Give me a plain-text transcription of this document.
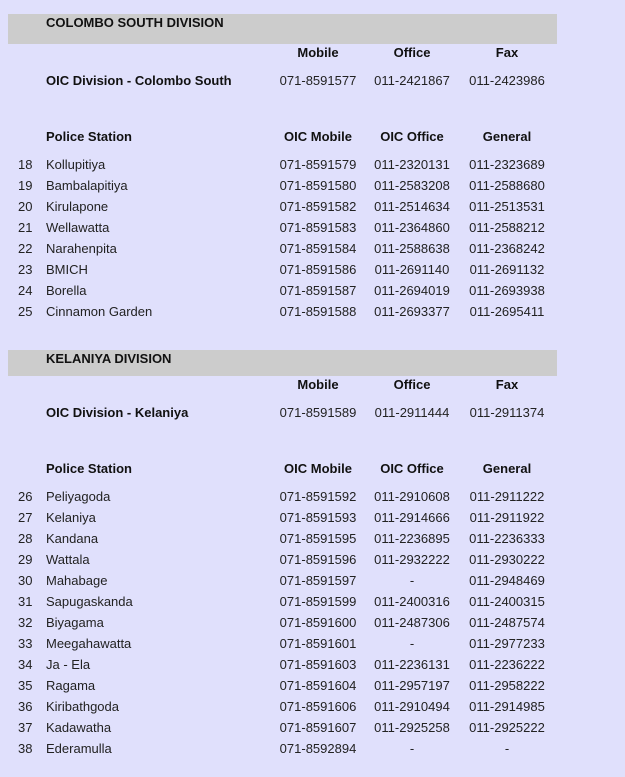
COLOMBO SOUTH DIVISION
Mobile	Office	Fax
OIC Division - Colombo South	071-8591577 011-2421867 011-2423986
Police Station	OIC Mobile	OIC Office	General
18	Kollupitiya	071-8591579 011-2320131 011-2323689
19	Bambalapitiya	071-8591580 011-2583208 011-2588680
20	Kirulapone	071-8591582 011-2514634 011-2513531
21	Wellawatta	071-8591583 011-2364860 011-2588212
22	Narahenpita	071-8591584 011-2588638 011-2368242
23	BMICH	071-8591586 011-2691140 011-2691132
24	Borella	071-8591587 011-2694019 011-2693938
25	Cinnamon Garden	071-8591588 011-2693377 011-2695411
KELANIYA DIVISION
Mobile	Office	Fax
OIC Division - Kelaniya	071-8591589 011-2911444 011-2911374
Police Station	OIC Mobile	OIC Office	General
26	Peliyagoda	071-8591592 011-2910608 011-2911222
27	Kelaniya	071-8591593 011-2914666 011-2911922
28	Kandana	071-8591595 011-2236895 011-2236333
29	Wattala	071-8591596 011-2932222 011-2930222
30	Mahabage	071-8591597	-	011-2948469
31	Sapugaskanda	071-8591599 011-2400316 011-2400315
32	Biyagama	071-8591600 011-2487306 011-2487574
33	Meegahawatta	071-8591601	-	011-2977233
34	Ja - Ela	071-8591603 011-2236131 011-2236222
35	Ragama	071-8591604 011-2957197 011-2958222
36	Kiribathgoda	071-8591606 011-2910494 011-2914985
37	Kadawatha	071-8591607 011-2925258 011-2925222
38	Ederamulla	071-8592894	-	-
